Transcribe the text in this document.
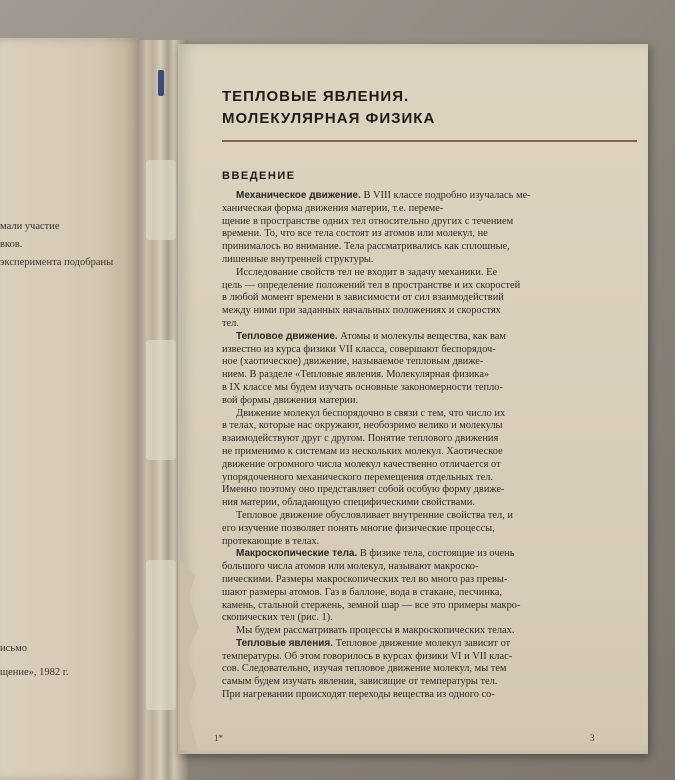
мали участие
вков.
эксперимента подобраны
исьмо
щение», 1982 г.
ТЕПЛОВЫЕ ЯВЛЕНИЯ.
МОЛЕКУЛЯРНАЯ ФИЗИКА
ВВЕДЕНИЕ
Механическое движение. В VIII классе подробно изучалась ме-
ханическая форма движения материи, т.е. переме-
щение в пространстве одних тел относительно других с течением
времени. То, что все тела состоят из атомов или молекул, не
принималось во внимание. Тела рассматривались как сплошные,
лишенные внутренней структуры.
Исследование свойств тел не входит в задачу механики. Ее
цель — определение положений тел в пространстве и их скоростей
в любой момент времени в зависимости от сил взаимодействий
между ними при заданных начальных положениях и скоростях
тел.
Тепловое движение. Атомы и молекулы вещества, как вам
известно из курса физики VII класса, совершают беспорядоч-
ное (хаотическое) движение, называемое тепловым движе-
нием. В разделе «Тепловые явления. Молекулярная физика»
в IX классе мы будем изучать основные закономерности тепло-
вой формы движения материи.
Движение молекул беспорядочно в связи с тем, что число их
в телах, которые нас окружают, необозримо велико и молекулы
взаимодействуют друг с другом. Понятие теплового движения
не применимо к системам из нескольких молекул. Хаотическое
движение огромного числа молекул качественно отличается от
упорядоченного механического перемещения отдельных тел.
Именно поэтому оно представляет собой особую форму движе-
ния материи, обладающую специфическими свойствами.
Тепловое движение обусловливает внутренние свойства тел, и
его изучение позволяет понять многие физические процессы,
протекающие в телах.
Макроскопические тела. В физике тела, состоящие из очень
большого числа атомов или молекул, называют макроско-
пическими. Размеры макроскопических тел во много раз превы-
шают размеры атомов. Газ в баллоне, вода в стакане, песчинка,
камень, стальной стержень, земной шар — все это примеры макро-
скопических тел (рис. 1).
Мы будем рассматривать процессы в макроскопических телах.
Тепловые явления. Тепловое движение молекул зависит от
температуры. Об этом говорилось в курсах физики VI и VII клас-
сов. Следовательно, изучая тепловое движение молекул, мы тем
самым будем изучать явления, зависящие от температуры тел.
При нагревании происходят переходы вещества из одного со-
1*	3
